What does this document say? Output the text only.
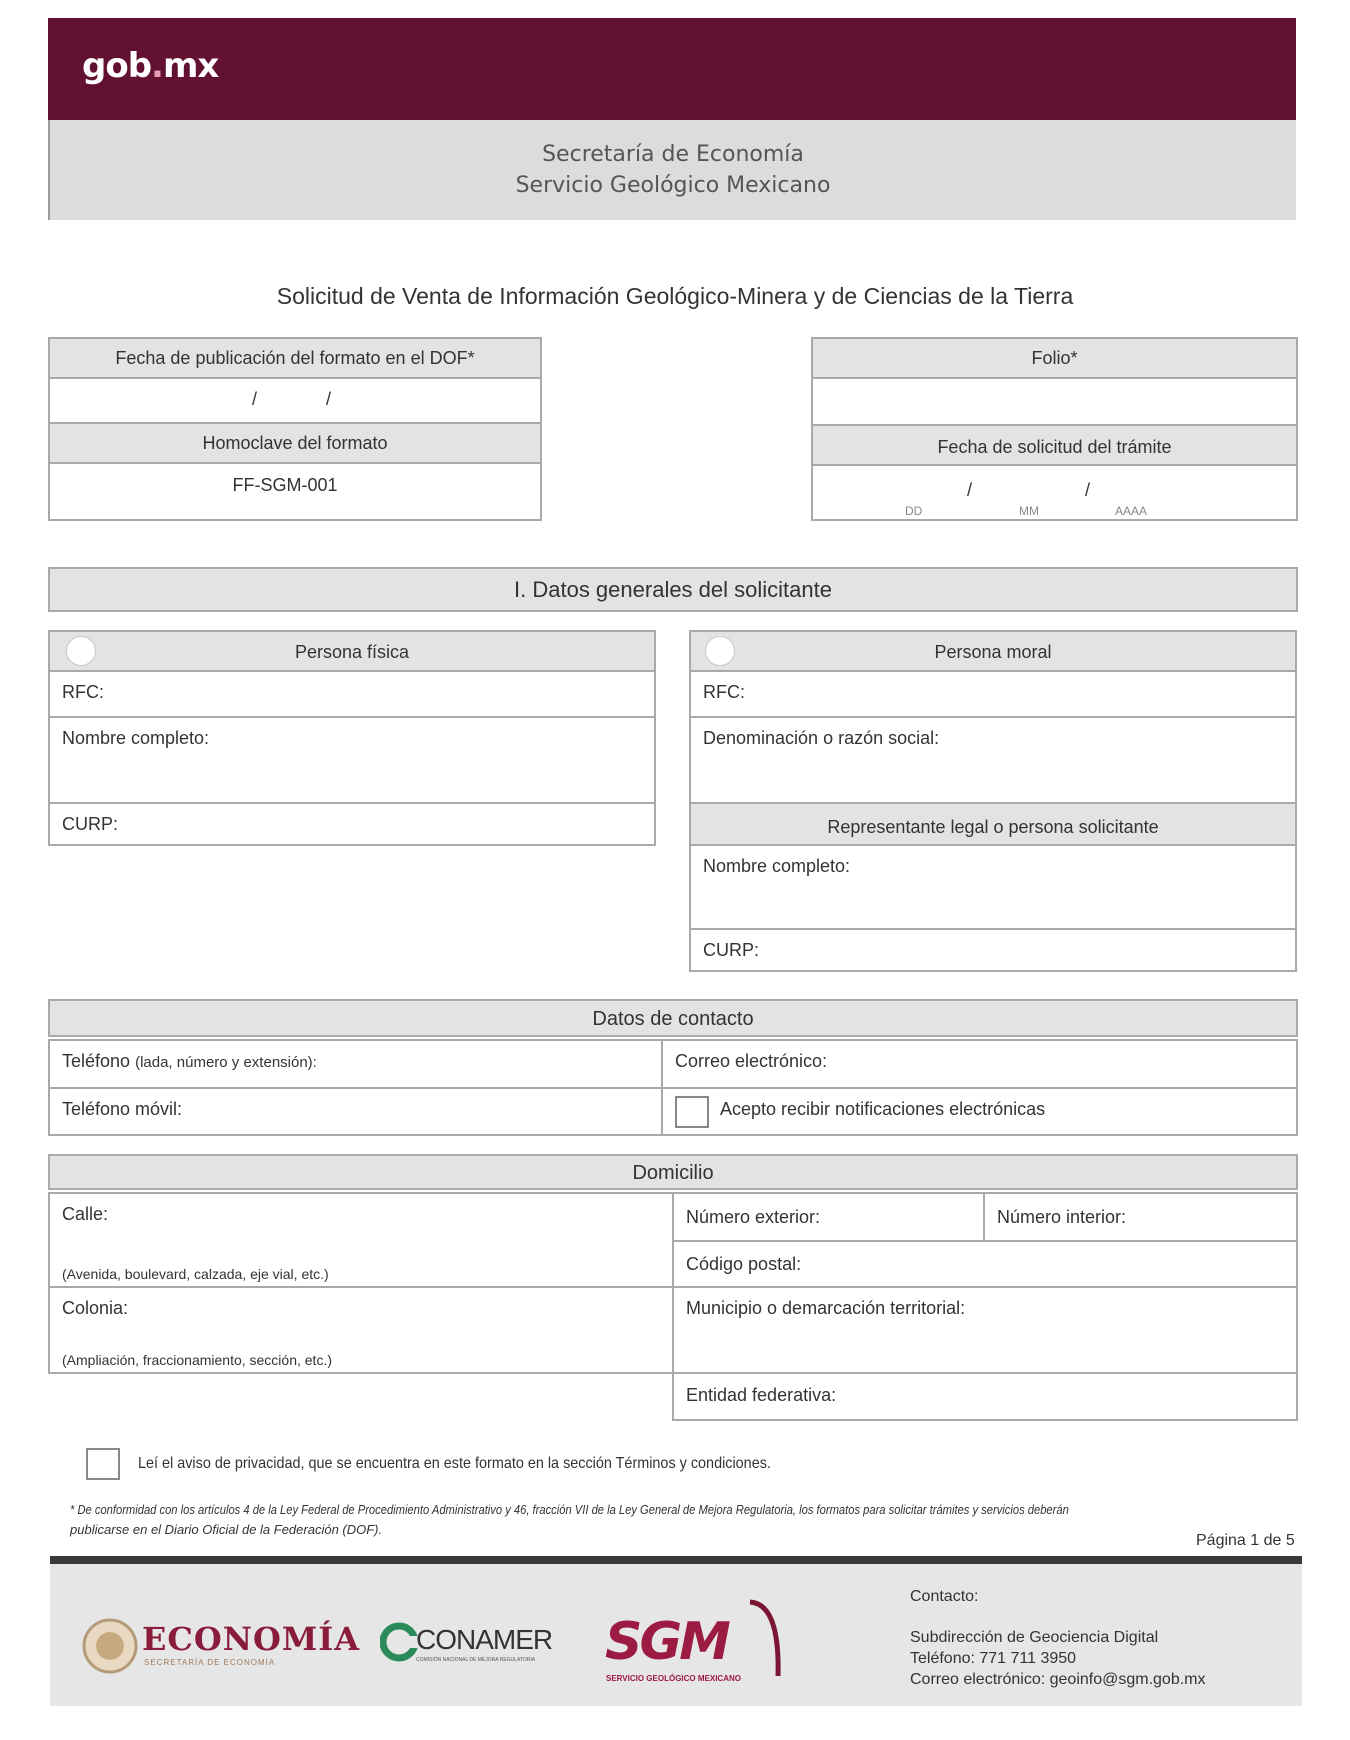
gob.mx
Secretaría de Economía
Servicio Geológico Mexicano
Solicitud de Venta de Información Geológico-Minera y de Ciencias de la Tierra
Fecha de publicación del formato en el DOF*
/	/
Homoclave del formato
FF-SGM-001
Folio*
Fecha de solicitud del trámite
/	/
DD	MM	AAAA
I. Datos generales del solicitante
Persona física
RFC:
Nombre completo:
CURP:
Persona moral
RFC:
Denominación o razón social:
Representante legal o persona solicitante
Nombre completo:
CURP:
Datos de contacto
Teléfono (lada, número y extensión):	Correo electrónico:
Teléfono móvil:	Acepto recibir notificaciones electrónicas
Domicilio
Calle:
(Avenida, boulevard, calzada, eje vial, etc.)
Colonia:
(Ampliación, fraccionamiento, sección, etc.)
Número exterior:	Número interior:
Código postal:
Municipio o demarcación territorial:
Entidad federativa:
Leí el aviso de privacidad, que se encuentra en este formato en la sección Términos y condiciones.
* De conformidad con los artículos 4 de la Ley Federal de Procedimiento Administrativo y 46, fracción VII de la Ley General de Mejora Regulatoria, los formatos para solicitar trámites y servicios deberán
publicarse en el Diario Oficial de la Federación (DOF).
Página 1 de 5
ECONOMÍA
SECRETARÍA DE ECONOMÍA
CONAMER
COMISIÓN NACIONAL DE MEJORA REGULATORIA SGM
SERVICIO GEOLÓGICO MEXICANO
Contacto:
Subdirección de Geociencia Digital
Teléfono: 771 711 3950
Correo electrónico: geoinfo@sgm.gob.mx
